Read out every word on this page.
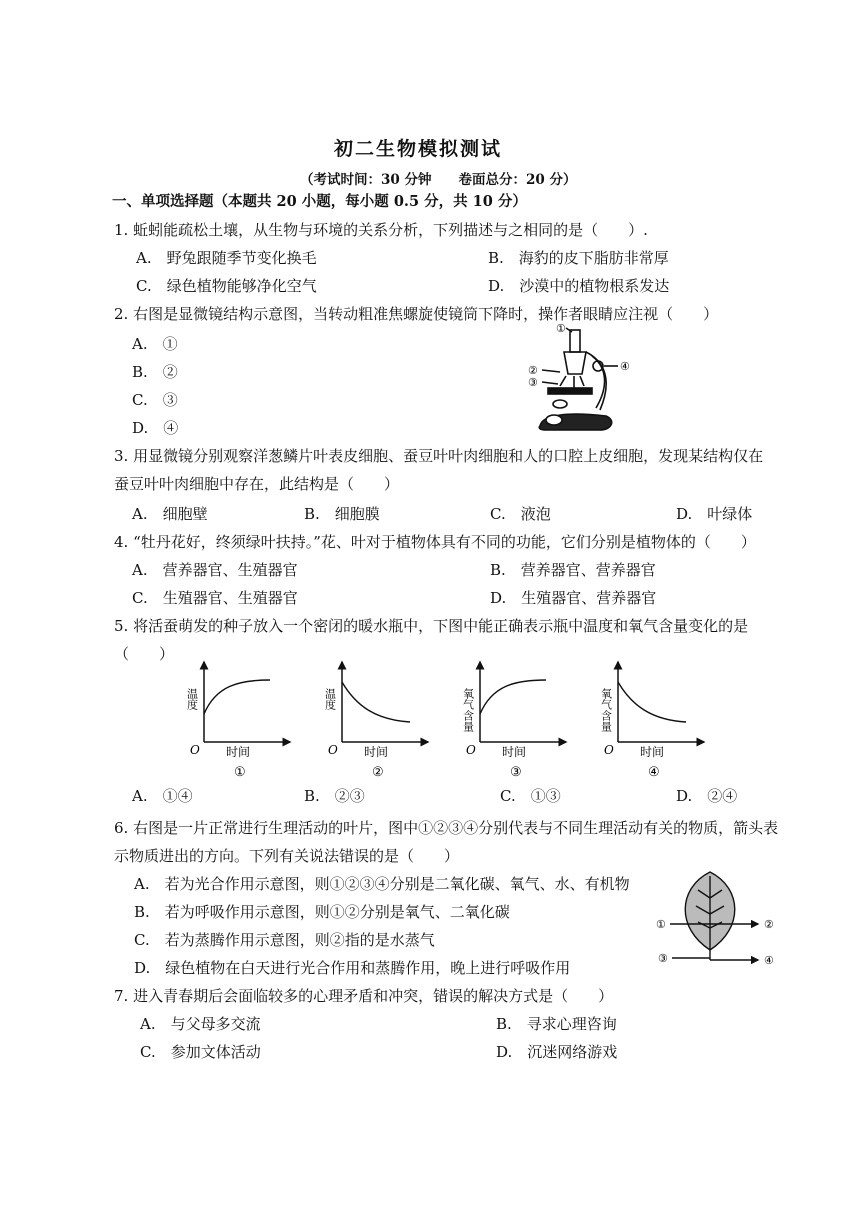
初二生物模拟测试
（考试时间：30 分钟　　卷面总分：20 分）
一、单项选择题（本题共 20 小题，每小题 0.5 分，共 10 分）
1. 蚯蚓能疏松土壤，从生物与环境的关系分析，下列描述与之相同的是（　　）.
A.　野兔跟随季节变化换毛	B.　海豹的皮下脂肪非常厚
C.　绿色植物能够净化空气	D.　沙漠中的植物根系发达
2. 右图是显微镜结构示意图，当转动粗准焦螺旋使镜筒下降时，操作者眼睛应注视（　　）
A.　①
B.　②
C.　③
D.　④
①
②
③
④
3. 用显微镜分别观察洋葱鳞片叶表皮细胞、蚕豆叶叶肉细胞和人的口腔上皮细胞，发现某结构仅在
蚕豆叶叶肉细胞中存在，此结构是（　　）
A.　细胞壁	B.　细胞膜	C.　液泡	D.　叶绿体
4. “牡丹花好，终须绿叶扶持。”花、叶对于植物体具有不同的功能，它们分别是植物体的（　　）
A.　营养器官、生殖器官	B.　营养器官、营养器官
C.　生殖器官、生殖器官	D.　生殖器官、营养器官
5. 将活蚕萌发的种子放入一个密闭的暖水瓶中，下图中能正确表示瓶中温度和氧气含量变化的是
（　　）
温度
O 时间
①
温度
O 时间
②
氧气含量
O 时间
③
氧气含量
O 时间
④
A.　①④	B.　②③	C.　①③	D.　②④
6. 右图是一片正常进行生理活动的叶片，图中①②③④分别代表与不同生理活动有关的物质，箭头表
示物质进出的方向。下列有关说法错误的是（　　）
A.　若为光合作用示意图，则①②③④分别是二氧化碳、氧气、水、有机物
B.　若为呼吸作用示意图，则①②分别是氧气、二氧化碳
C.　若为蒸腾作用示意图，则②指的是水蒸气
D.　绿色植物在白天进行光合作用和蒸腾作用，晚上进行呼吸作用
①	②
③	④
7. 进入青春期后会面临较多的心理矛盾和冲突，错误的解决方式是（　　）
A.　与父母多交流	B.　寻求心理咨询
C.　参加文体活动	D.　沉迷网络游戏
